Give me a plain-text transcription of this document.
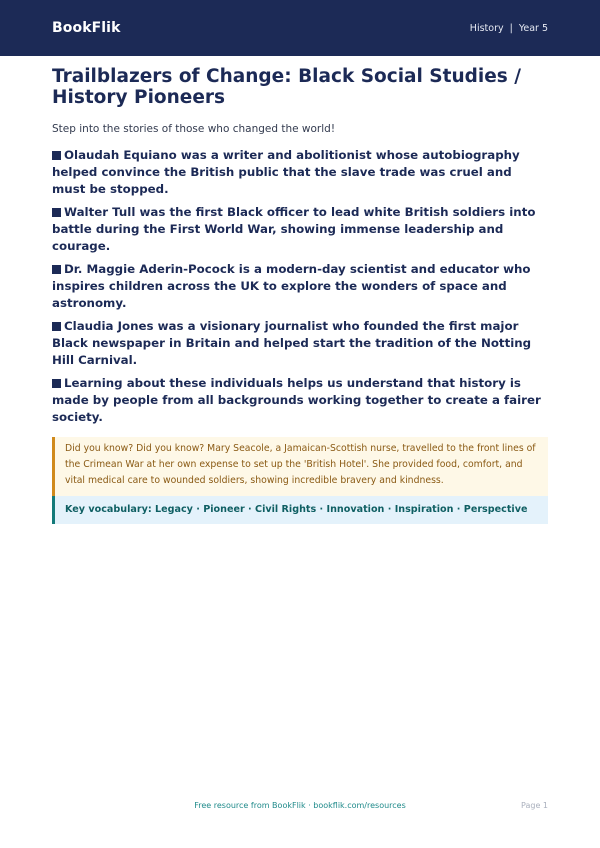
BookFlik	History | Year 5
Trailblazers of Change: Black Social Studies / History Pioneers
Step into the stories of those who changed the world!
Olaudah Equiano was a writer and abolitionist whose autobiography helped convince the British public that the slave trade was cruel and must be stopped.
Walter Tull was the first Black officer to lead white British soldiers into battle during the First World War, showing immense leadership and courage.
Dr. Maggie Aderin-Pocock is a modern-day scientist and educator who inspires children across the UK to explore the wonders of space and astronomy.
Claudia Jones was a visionary journalist who founded the first major Black newspaper in Britain and helped start the tradition of the Notting Hill Carnival.
Learning about these individuals helps us understand that history is made by people from all backgrounds working together to create a fairer society.
Did you know? Did you know? Mary Seacole, a Jamaican-Scottish nurse, travelled to the front lines of the Crimean War at her own expense to set up the 'British Hotel'. She provided food, comfort, and vital medical care to wounded soldiers, showing incredible bravery and kindness.
Key vocabulary: Legacy · Pioneer · Civil Rights · Innovation · Inspiration · Perspective
Free resource from BookFlik · bookflik.com/resources	Page 1
